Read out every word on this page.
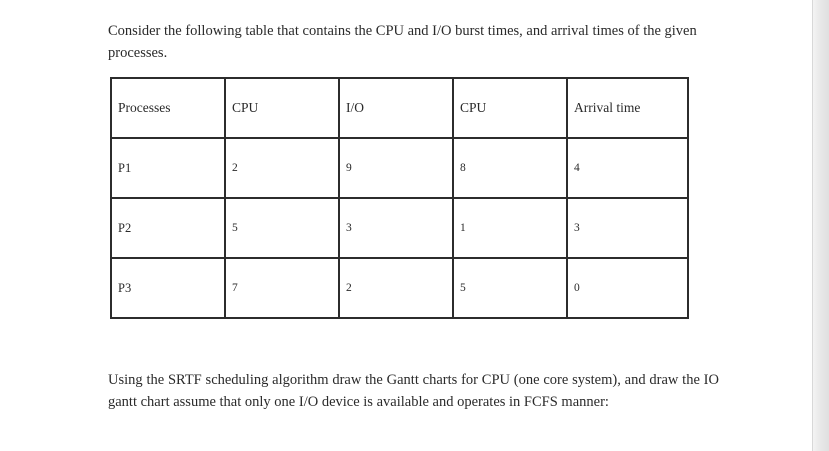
Consider the following table that contains the CPU and I/O burst times, and arrival times of the given processes.

Processes	CPU	I/O	CPU	Arrival time
P1	2	9	8	4
P2	5	3	1	3
P3	7	2	5	0

Using the SRTF scheduling algorithm draw the Gantt charts for CPU (one core system), and draw the IO gantt chart assume that only one I/O device is available and operates in FCFS manner:
